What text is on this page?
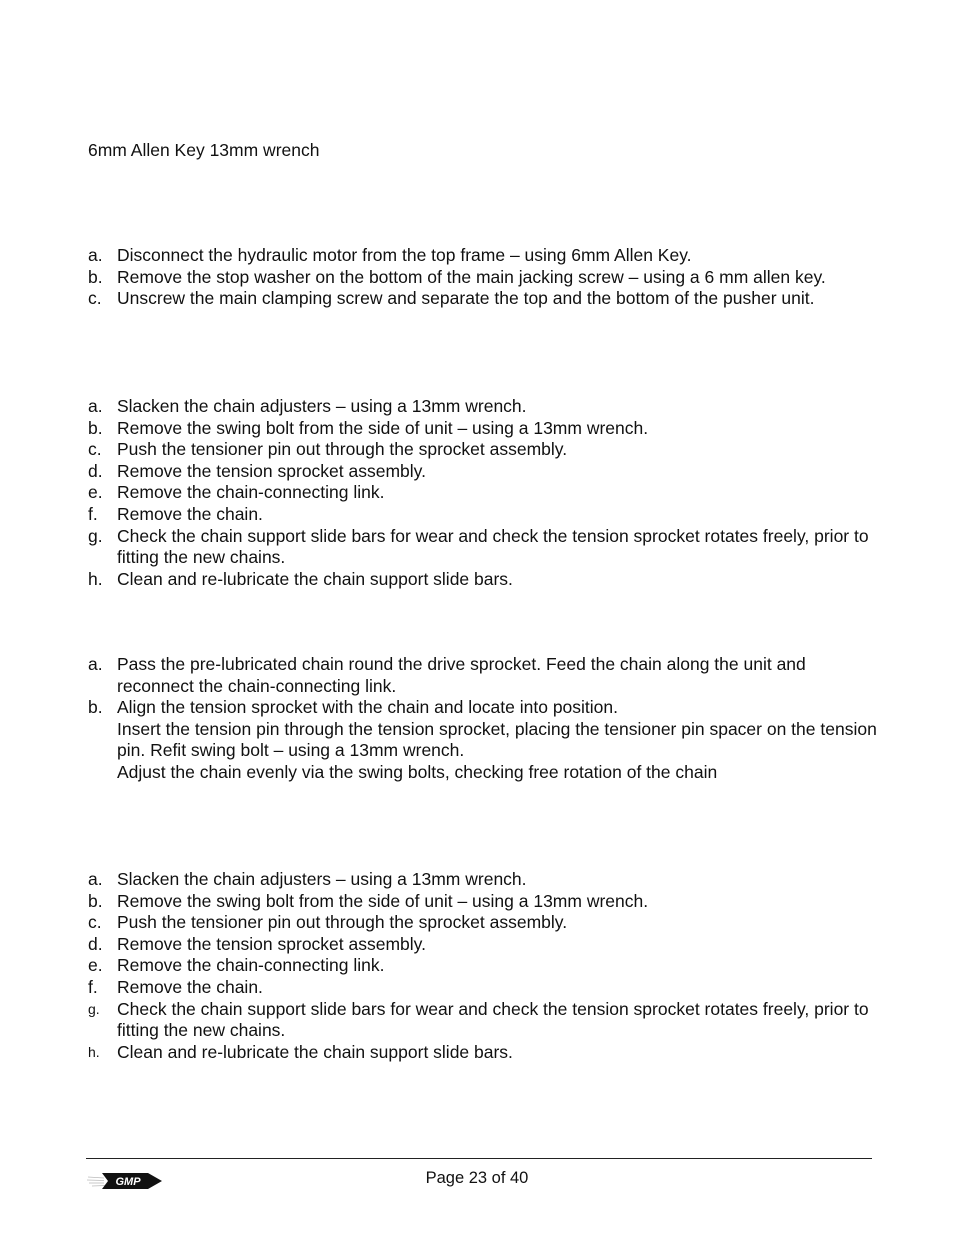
6mm Allen Key 13mm wrench
a. Disconnect the hydraulic motor from the top frame – using 6mm Allen Key.
b. Remove the stop washer on the bottom of the main jacking screw – using a 6 mm allen key.
c. Unscrew the main clamping screw and separate the top and the bottom of the pusher unit.
a. Slacken the chain adjusters – using a 13mm wrench.
b. Remove the swing bolt from the side of unit – using a 13mm wrench.
c. Push the tensioner pin out through the sprocket assembly.
d. Remove the tension sprocket assembly.
e. Remove the chain-connecting link.
f. Remove the chain.
g. Check the chain support slide bars for wear and check the tension sprocket rotates freely, prior to fitting the new chains.
h. Clean and re-lubricate the chain support slide bars.
a. Pass the pre-lubricated chain round the drive sprocket. Feed the chain along the unit and reconnect the chain-connecting link.
b. Align the tension sprocket with the chain and locate into position.
Insert the tension pin through the tension sprocket, placing the tensioner pin spacer on the tension pin. Refit swing bolt – using a 13mm wrench.
Adjust the chain evenly via the swing bolts, checking free rotation of the chain
a. Slacken the chain adjusters – using a 13mm wrench.
b. Remove the swing bolt from the side of unit – using a 13mm wrench.
c. Push the tensioner pin out through the sprocket assembly.
d. Remove the tension sprocket assembly.
e. Remove the chain-connecting link.
f. Remove the chain.
g. Check the chain support slide bars for wear and check the tension sprocket rotates freely, prior to fitting the new chains.
h. Clean and re-lubricate the chain support slide bars.
GMP	Page 23 of 40
